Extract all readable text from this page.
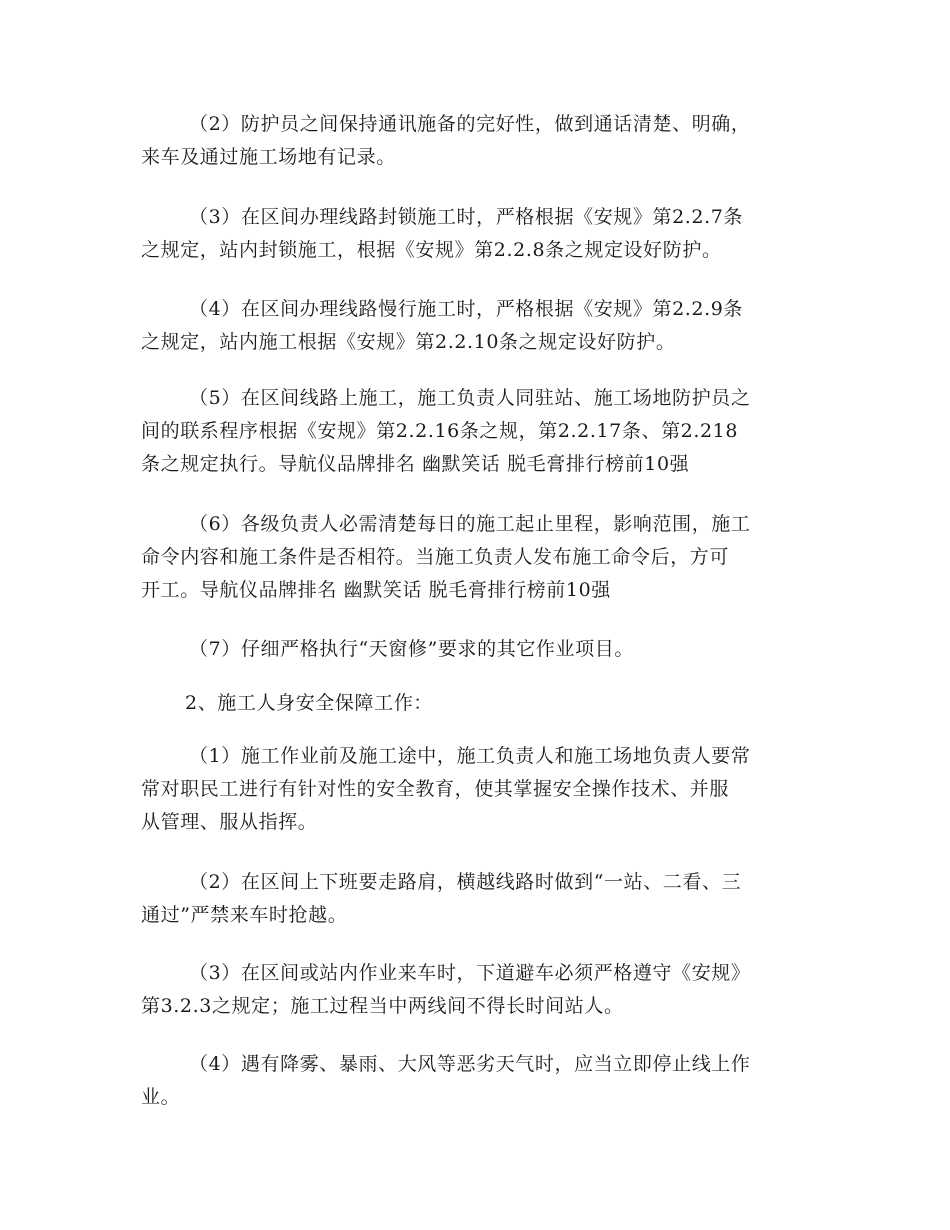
（2）防护员之间保持通讯施备的完好性，做到通话清楚、明确，
来车及通过施工场地有记录。

（3）在区间办理线路封锁施工时，严格根据《安规》第2.2.7条
之规定，站内封锁施工，根据《安规》第2.2.8条之规定设好防护。

（4）在区间办理线路慢行施工时，严格根据《安规》第2.2.9条
之规定，站内施工根据《安规》第2.2.10条之规定设好防护。

（5）在区间线路上施工，施工负责人同驻站、施工场地防护员之
间的联系程序根据《安规》第2.2.16条之规，第2.2.17条、第2.218
条之规定执行。导航仪品牌排名 幽默笑话 脱毛膏排行榜前10强

（6）各级负责人必需清楚每日的施工起止里程，影响范围，施工
命令内容和施工条件是否相符。当施工负责人发布施工命令后，方可
开工。导航仪品牌排名 幽默笑话 脱毛膏排行榜前10强

（7）仔细严格执行“天窗修”要求的其它作业项目。

2、施工人身安全保障工作：

（1）施工作业前及施工途中，施工负责人和施工场地负责人要常
常对职民工进行有针对性的安全教育，使其掌握安全操作技术、并服
从管理、服从指挥。

（2）在区间上下班要走路肩，横越线路时做到“一站、二看、三
通过”严禁来车时抢越。

（3）在区间或站内作业来车时，下道避车必须严格遵守《安规》
第3.2.3之规定；施工过程当中两线间不得长时间站人。

（4）遇有降雾、暴雨、大风等恶劣天气时，应当立即停止线上作
业。
